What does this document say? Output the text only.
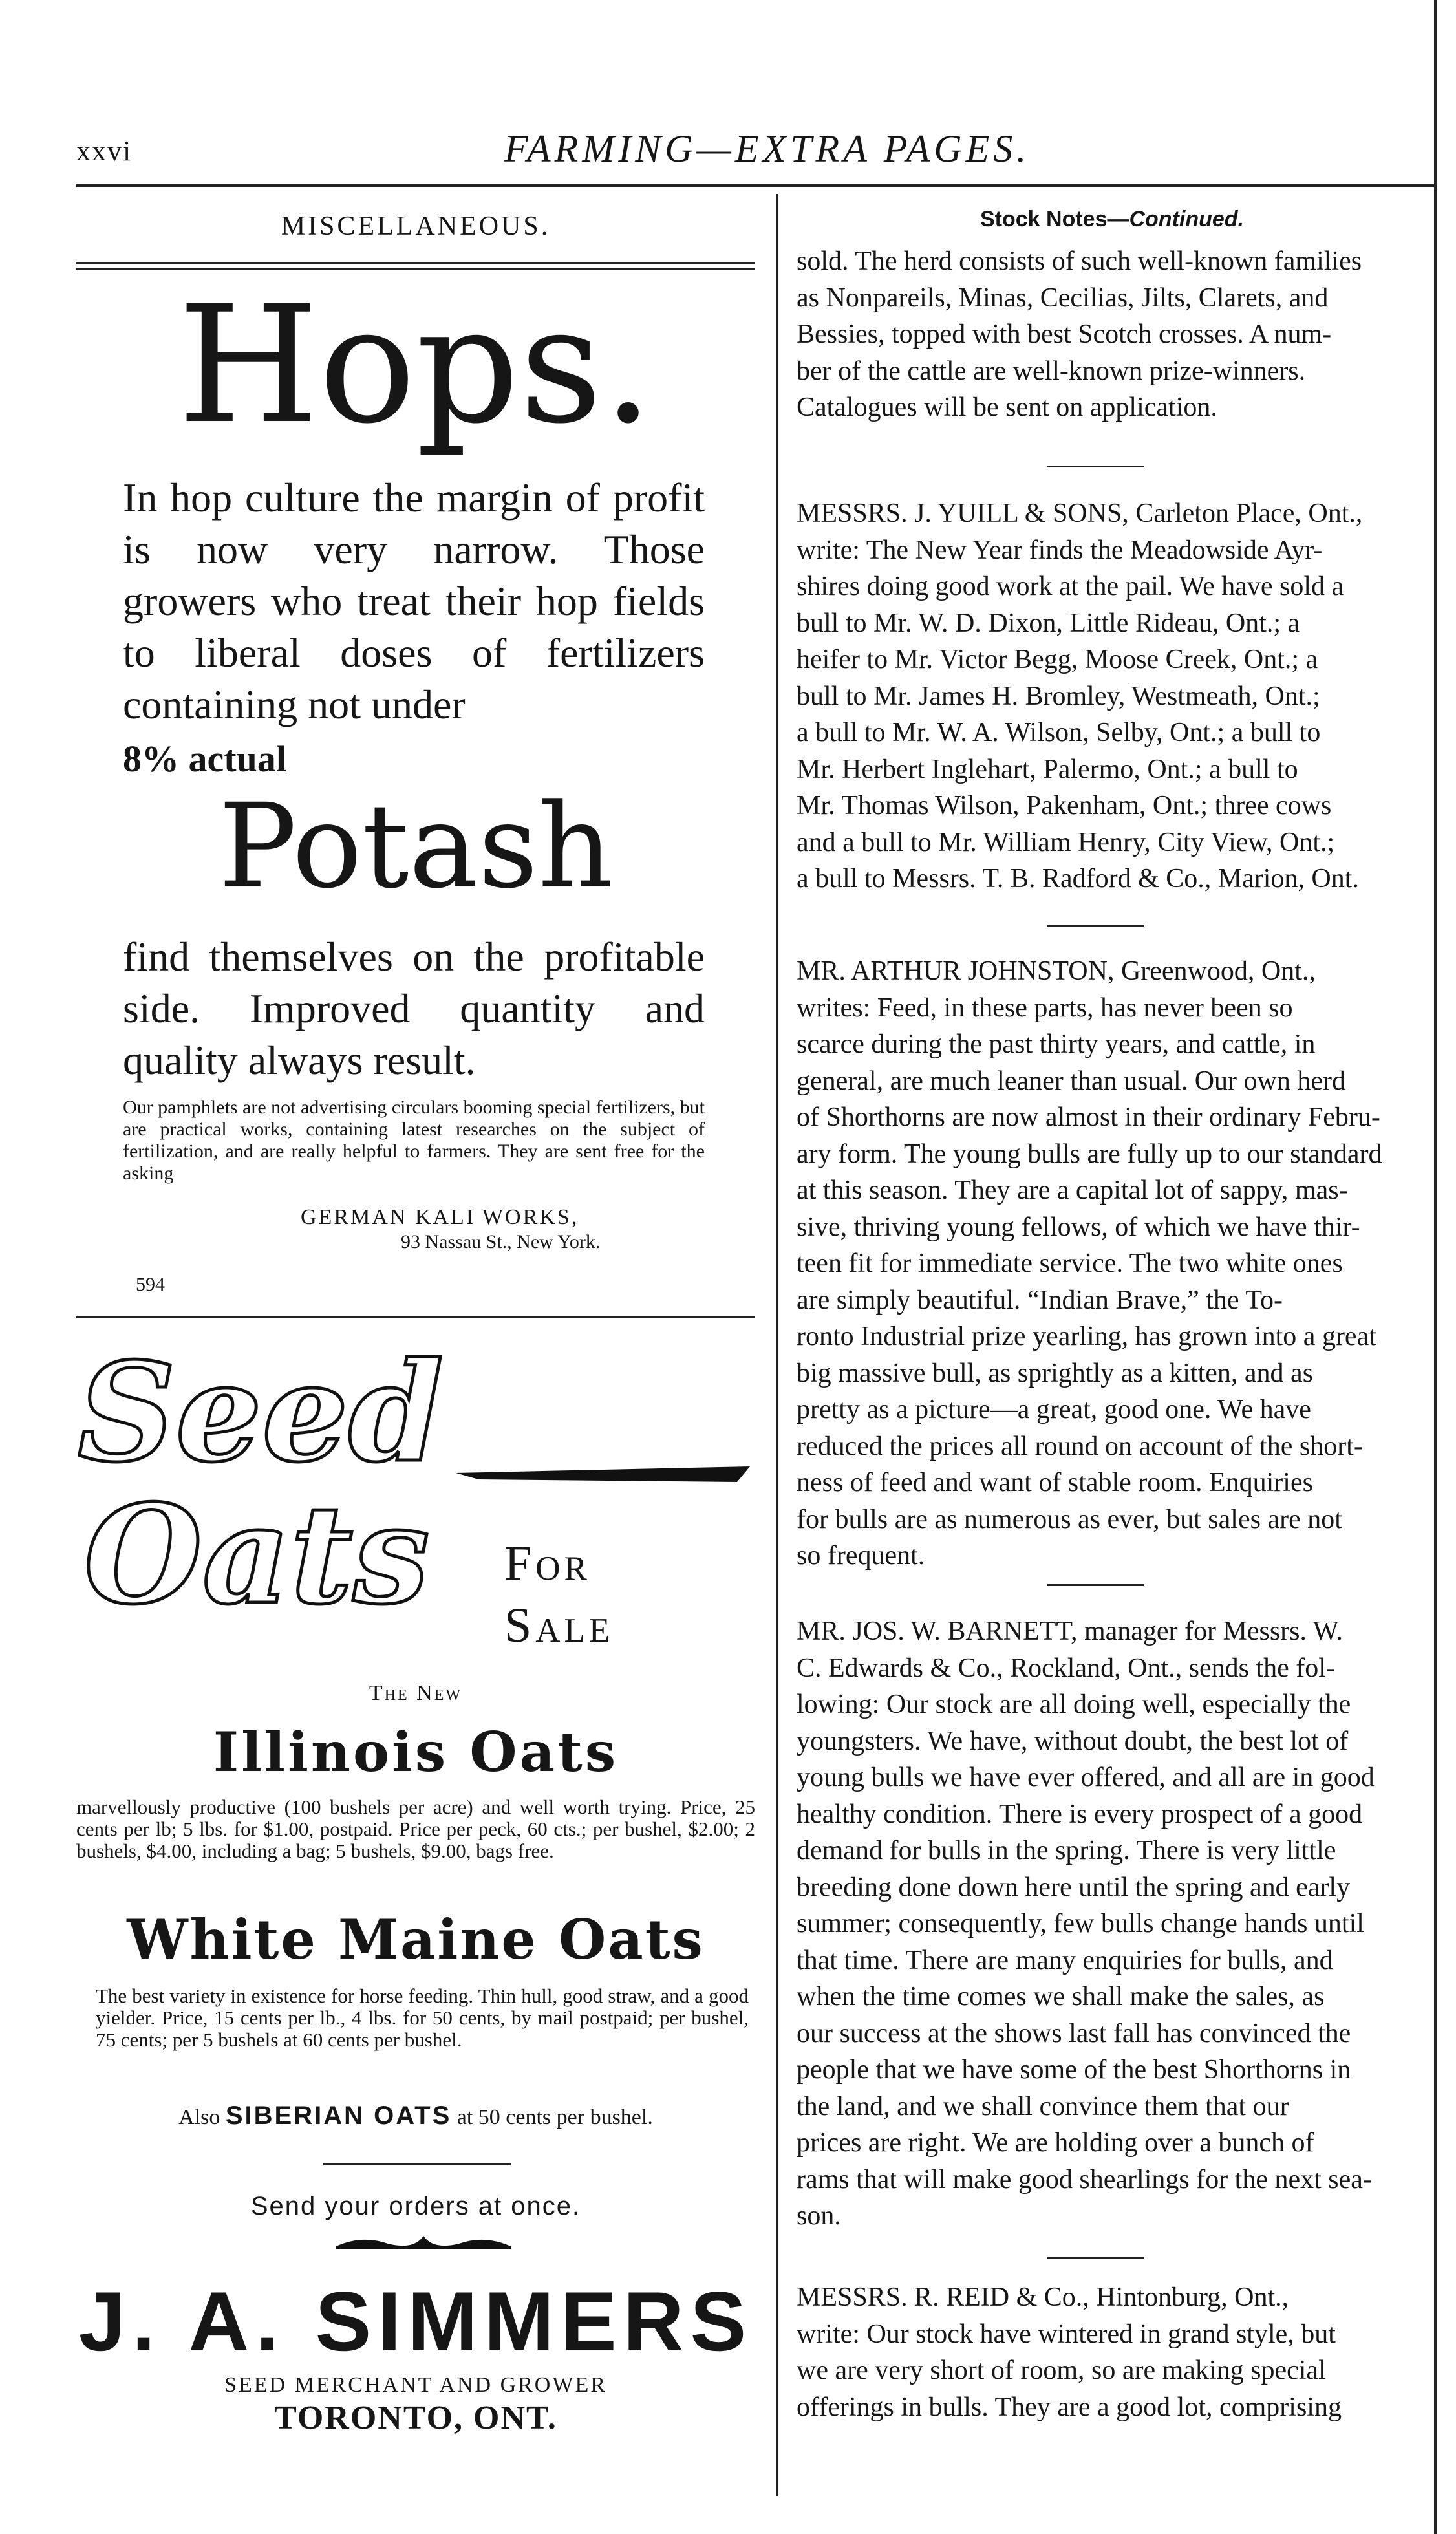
xxvi	FARMING—EXTRA PAGES.
MISCELLANEOUS.
Hops.
In hop culture the margin of profit is now very narrow. Those growers who treat their hop fields to liberal doses of fertilizers containing not under
8% actual
Potash
find themselves on the profitable side. Improved quantity and quality always result.
Our pamphlets are not advertising circulars booming special fertilizers, but are practical works, containing latest researches on the subject of fertilization, and are really helpful to farmers. They are sent free for the asking
GERMAN KALI WORKS,
93 Nassau St., New York.
594
Seed
Oats For
Sale
The New
Illinois Oats
marvellously productive (100 bushels per acre) and well worth trying. Price, 25 cents per lb; 5 lbs. for $1.00, postpaid. Price per peck, 60 cts.; per bushel, $2.00; 2 bushels, $4.00, including a bag; 5 bushels, $9.00, bags free.
White Maine Oats
The best variety in existence for horse feeding. Thin hull, good straw, and a good yielder. Price, 15 cents per lb., 4 lbs. for 50 cents, by mail postpaid; per bushel, 75 cents; per 5 bushels at 60 cents per bushel.
Also SIBERIAN OATS at 50 cents per bushel.
Send your orders at once.
J. A. SIMMERS
SEED MERCHANT AND GROWER
TORONTO, ONT.
Stock Notes—Continued.
sold. The herd consists of such well-known families
as Nonpareils, Minas, Cecilias, Jilts, Clarets, and
Bessies, topped with best Scotch crosses. A num-
ber of the cattle are well-known prize-winners.
Catalogues will be sent on application.
MESSRS. J. YUILL & SONS, Carleton Place, Ont.,
write: The New Year finds the Meadowside Ayr-
shires doing good work at the pail. We have sold a
bull to Mr. W. D. Dixon, Little Rideau, Ont.; a
heifer to Mr. Victor Begg, Moose Creek, Ont.; a
bull to Mr. James H. Bromley, Westmeath, Ont.;
a bull to Mr. W. A. Wilson, Selby, Ont.; a bull to
Mr. Herbert Inglehart, Palermo, Ont.; a bull to
Mr. Thomas Wilson, Pakenham, Ont.; three cows
and a bull to Mr. William Henry, City View, Ont.;
a bull to Messrs. T. B. Radford & Co., Marion, Ont.
MR. ARTHUR JOHNSTON, Greenwood, Ont.,
writes: Feed, in these parts, has never been so
scarce during the past thirty years, and cattle, in
general, are much leaner than usual. Our own herd
of Shorthorns are now almost in their ordinary Febru-
ary form. The young bulls are fully up to our standard
at this season. They are a capital lot of sappy, mas-
sive, thriving young fellows, of which we have thir-
teen fit for immediate service. The two white ones
are simply beautiful. “Indian Brave,” the To-
ronto Industrial prize yearling, has grown into a great
big massive bull, as sprightly as a kitten, and as
pretty as a picture—a great, good one. We have
reduced the prices all round on account of the short-
ness of feed and want of stable room. Enquiries
for bulls are as numerous as ever, but sales are not
so frequent.
MR. JOS. W. BARNETT, manager for Messrs. W.
C. Edwards & Co., Rockland, Ont., sends the fol-
lowing: Our stock are all doing well, especially the
youngsters. We have, without doubt, the best lot of
young bulls we have ever offered, and all are in good
healthy condition. There is every prospect of a good
demand for bulls in the spring. There is very little
breeding done down here until the spring and early
summer; consequently, few bulls change hands until
that time. There are many enquiries for bulls, and
when the time comes we shall make the sales, as
our success at the shows last fall has convinced the
people that we have some of the best Shorthorns in
the land, and we shall convince them that our
prices are right. We are holding over a bunch of
rams that will make good shearlings for the next sea-
son.
MESSRS. R. REID & Co., Hintonburg, Ont.,
write: Our stock have wintered in grand style, but
we are very short of room, so are making special
offerings in bulls. They are a good lot, comprising
